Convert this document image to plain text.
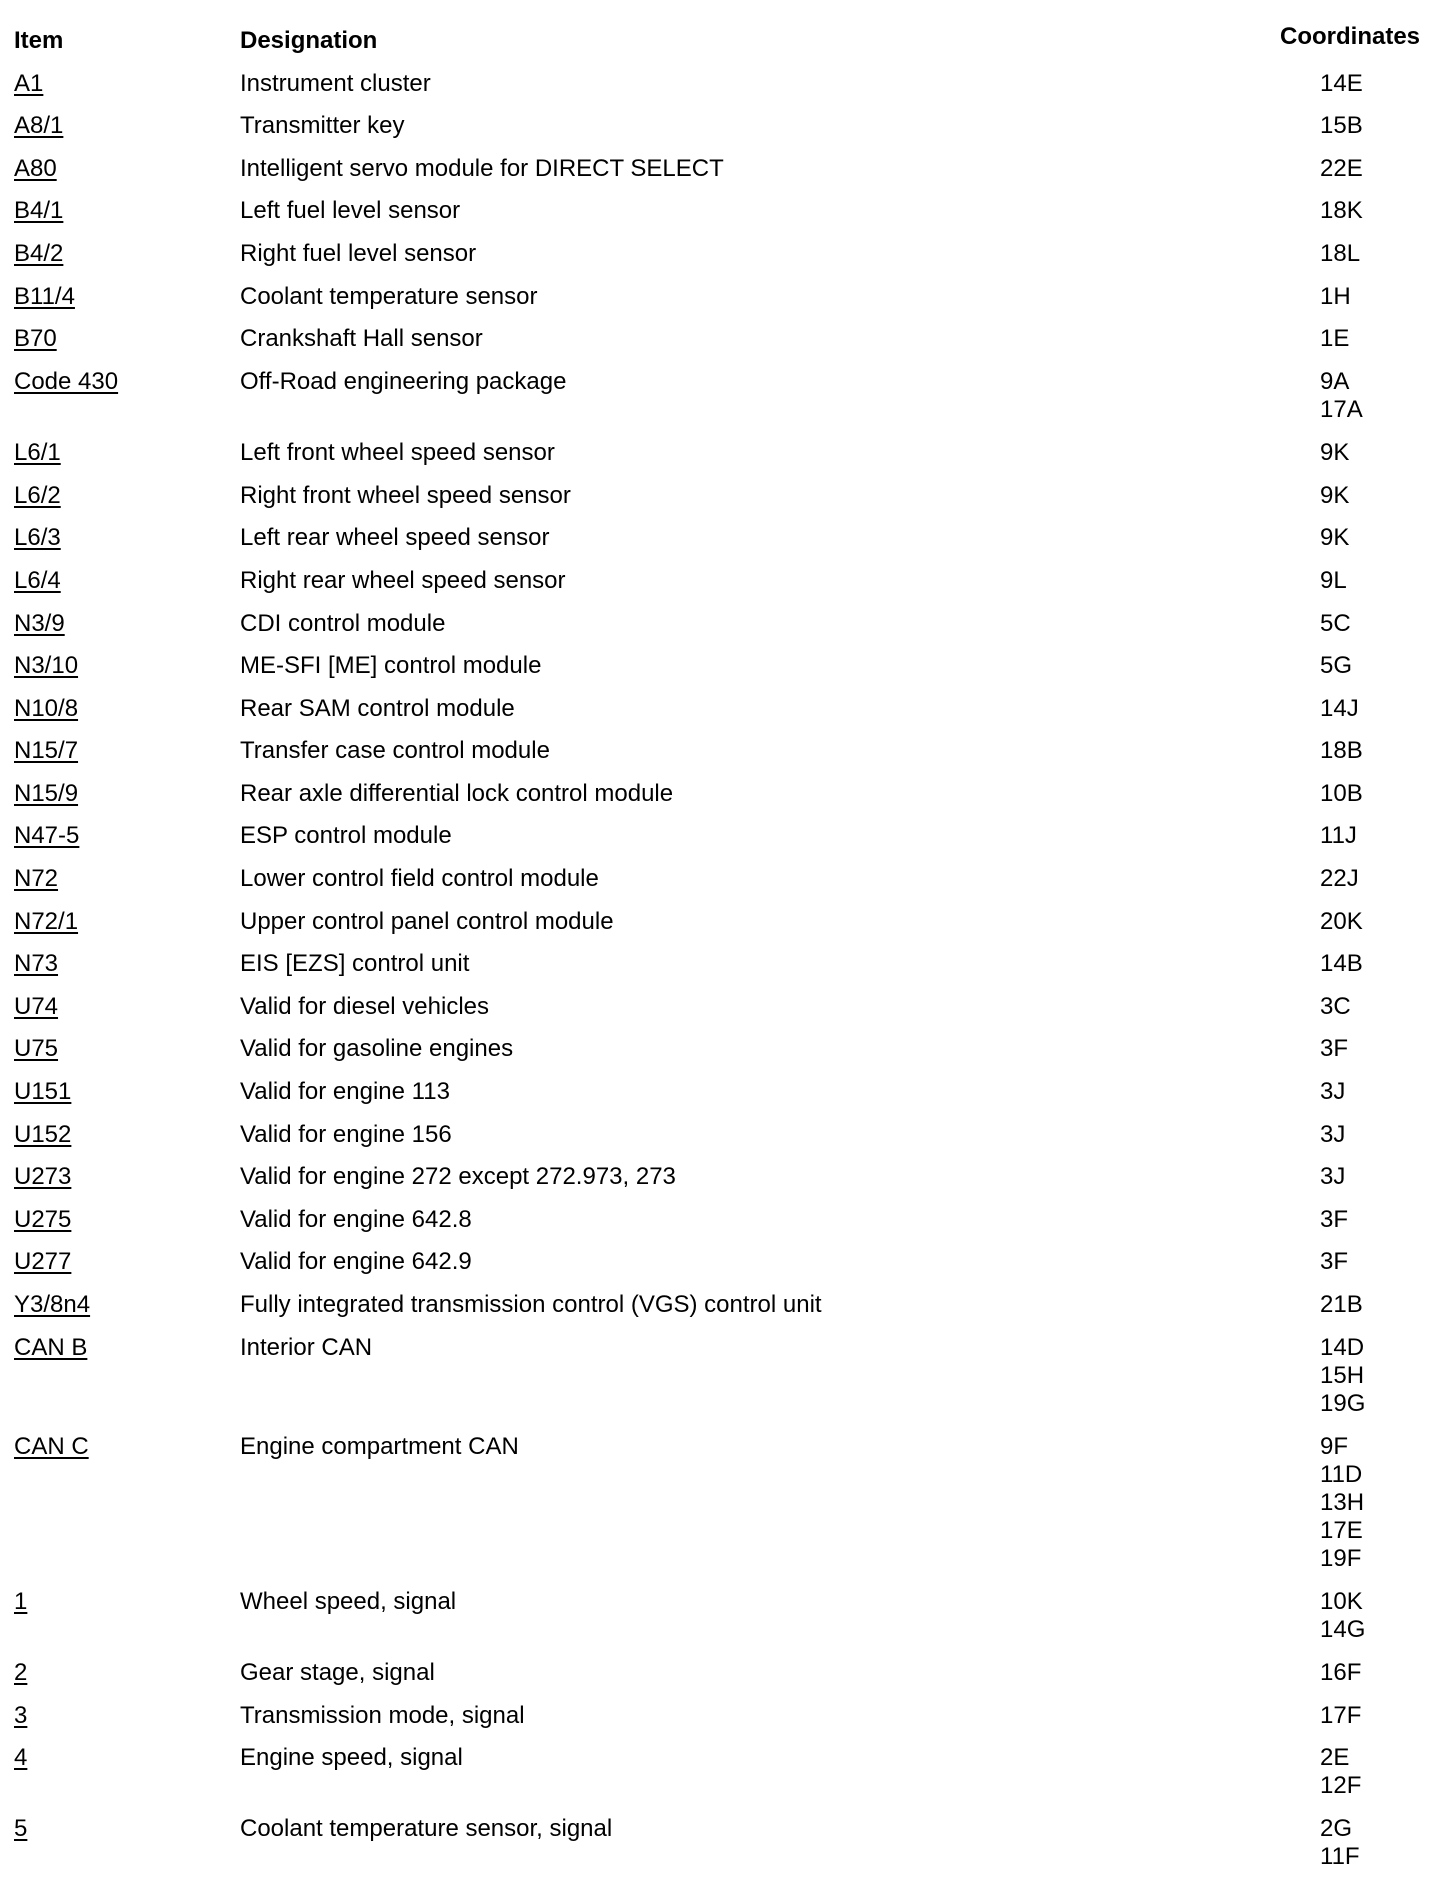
Item	Designation	Coordinates
A1	Instrument cluster	14E
A8/1	Transmitter key	15B
A80	Intelligent servo module for DIRECT SELECT	22E
B4/1	Left fuel level sensor	18K
B4/2	Right fuel level sensor	18L
B11/4	Coolant temperature sensor	1H
B70	Crankshaft Hall sensor	1E
Code 430	Off-Road engineering package	9A
17A
L6/1	Left front wheel speed sensor	9K
L6/2	Right front wheel speed sensor	9K
L6/3	Left rear wheel speed sensor	9K
L6/4	Right rear wheel speed sensor	9L
N3/9	CDI control module	5C
N3/10	ME-SFI [ME] control module	5G
N10/8	Rear SAM control module	14J
N15/7	Transfer case control module	18B
N15/9	Rear axle differential lock control module	10B
N47-5	ESP control module	11J
N72	Lower control field control module	22J
N72/1	Upper control panel control module	20K
N73	EIS [EZS] control unit	14B
U74	Valid for diesel vehicles	3C
U75	Valid for gasoline engines	3F
U151	Valid for engine 113	3J
U152	Valid for engine 156	3J
U273	Valid for engine 272 except 272.973, 273	3J
U275	Valid for engine 642.8	3F
U277	Valid for engine 642.9	3F
Y3/8n4	Fully integrated transmission control (VGS) control unit	21B
CAN B	Interior CAN	14D
15H
19G
CAN C	Engine compartment CAN	9F
11D
13H
17E
19F
1	Wheel speed, signal	10K
14G
2	Gear stage, signal	16F
3	Transmission mode, signal	17F
4	Engine speed, signal	2E
12F
5	Coolant temperature sensor, signal	2G
11F
